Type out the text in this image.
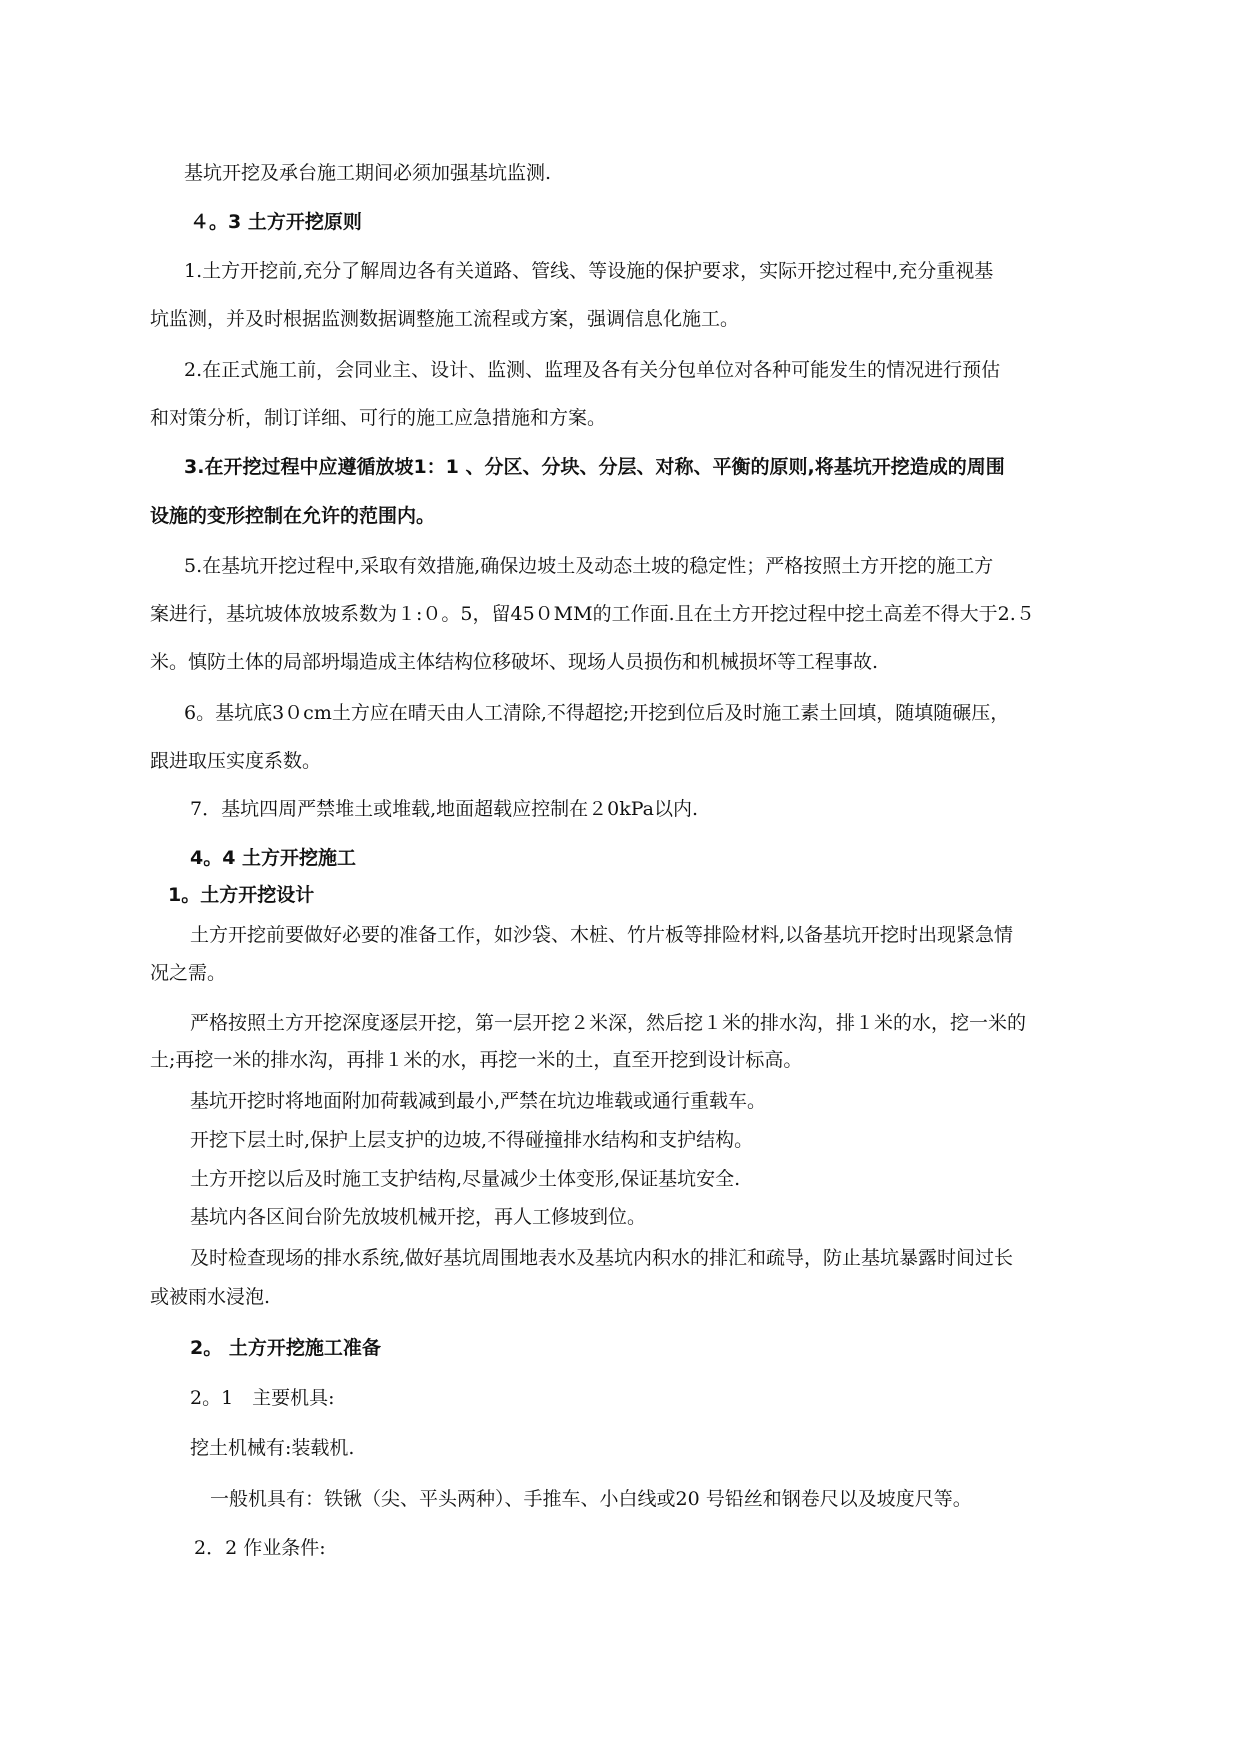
基坑开挖及承台施工期间必须加强基坑监测.

４。3 土方开挖原则

1.土方开挖前,充分了解周边各有关道路、管线、等设施的保护要求，实际开挖过程中,充分重视基

坑监测，并及时根据监测数据调整施工流程或方案，强调信息化施工。

2.在正式施工前，会同业主、设计、监测、监理及各有关分包单位对各种可能发生的情况进行预估

和对策分析，制订详细、可行的施工应急措施和方案。

3.在开挖过程中应遵循放坡1：1 、分区、分块、分层、对称、平衡的原则,将基坑开挖造成的周围

设施的变形控制在允许的范围内。

5.在基坑开挖过程中,采取有效措施,确保边坡土及动态土坡的稳定性；严格按照土方开挖的施工方

案进行，基坑坡体放坡系数为１:０。5，留45０MM的工作面.且在土方开挖过程中挖土高差不得大于2.５

米。慎防土体的局部坍塌造成主体结构位移破坏、现场人员损伤和机械损坏等工程事故.

6。基坑底3０cm土方应在晴天由人工清除,不得超挖;开挖到位后及时施工素土回填，随填随碾压，

跟进取压实度系数。

7．基坑四周严禁堆土或堆载,地面超载应控制在２0kPa以内.

4。4 土方开挖施工

1。土方开挖设计

土方开挖前要做好必要的准备工作，如沙袋、木桩、竹片板等排险材料,以备基坑开挖时出现紧急情

况之需。

严格按照土方开挖深度逐层开挖，第一层开挖２米深，然后挖１米的排水沟，排１米的水，挖一米的

土;再挖一米的排水沟，再排１米的水，再挖一米的土，直至开挖到设计标高。

基坑开挖时将地面附加荷载减到最小,严禁在坑边堆载或通行重载车。

开挖下层土时,保护上层支护的边坡,不得碰撞排水结构和支护结构。

土方开挖以后及时施工支护结构,尽量减少土体变形,保证基坑安全.

基坑内各区间台阶先放坡机械开挖，再人工修坡到位。

及时检查现场的排水系统,做好基坑周围地表水及基坑内积水的排汇和疏导，防止基坑暴露时间过长

或被雨水浸泡.

2。 土方开挖施工准备

2。1　主要机具:

挖土机械有:装载机.

一般机具有：铁锹（尖、平头两种）、手推车、小白线或20 号铅丝和钢卷尺以及坡度尺等。

2．2 作业条件:
